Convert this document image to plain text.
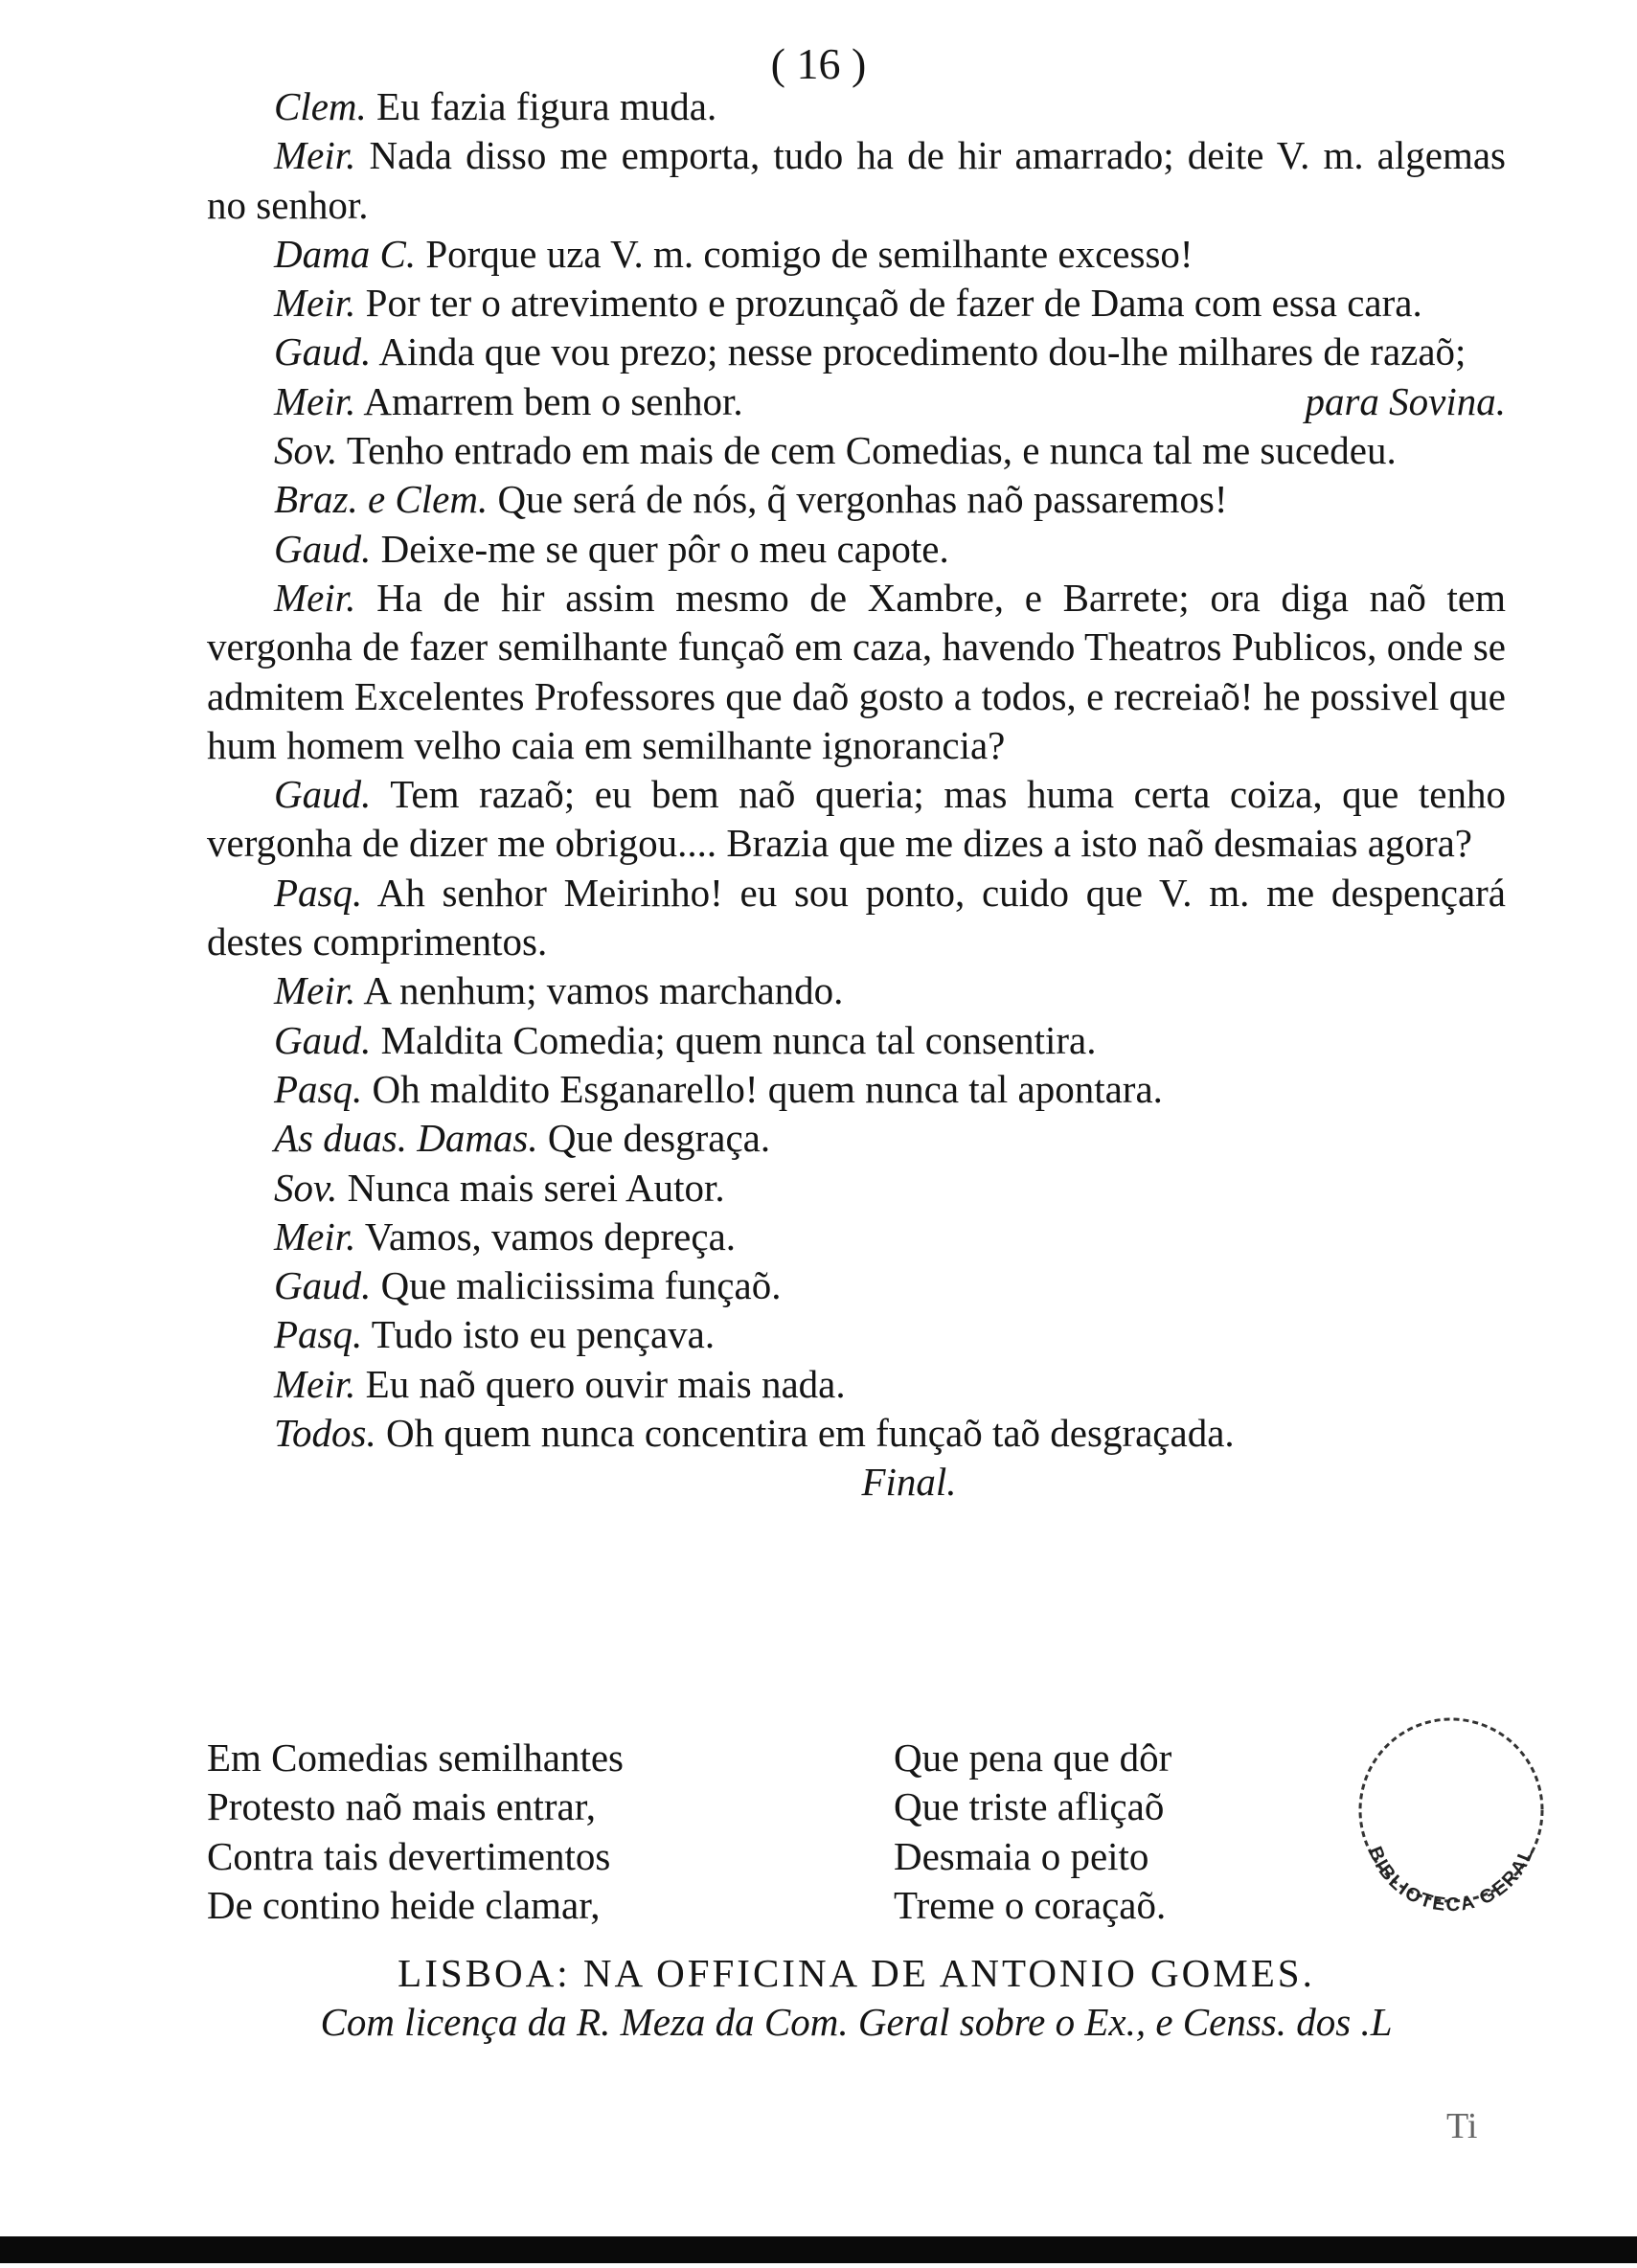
( 16 )
Clem. Eu fazia figura muda.
Meir. Nada disso me emporta, tudo ha de hir amarrado; deite V. m. algemas no senhor.
Dama C. Porque uza V. m. comigo de semilhante excesso!
Meir. Por ter o atrevimento e prozunçaõ de fazer de Dama com essa cara.
Gaud. Ainda que vou prezo; nesse procedimento dou-lhe milhares de razaõ;
para Sovina.
Meir. Amarrem bem o senhor.
Sov. Tenho entrado em mais de cem Comedias, e nunca tal me sucedeu.
Braz. e Clem. Que será de nós, q̃ vergonhas naõ passaremos!
Gaud. Deixe-me se quer pôr o meu capote.
Meir. Ha de hir assim mesmo de Xambre, e Barrete; ora diga naõ tem vergonha de fazer semilhante funçaõ em caza, havendo Theatros Publicos, onde se admitem Excelentes Professores que daõ gosto a todos, e recreiaõ! he possivel que hum homem velho caia em semilhante ignorancia?
Gaud. Tem razaõ; eu bem naõ queria; mas huma certa coiza, que tenho vergonha de dizer me obrigou.... Brazia que me dizes a isto naõ desmaias agora?
Pasq. Ah senhor Meirinho! eu sou ponto, cuido que V. m. me despençará destes comprimentos.
Meir. A nenhum; vamos marchando.
Gaud. Maldita Comedia; quem nunca tal consentira.
Pasq. Oh maldito Esganarello! quem nunca tal apontara.
As duas. Damas. Que desgraça.
Sov. Nunca mais serei Autor.
Meir. Vamos, vamos depreça.
Gaud. Que maliciissima funçaõ.
Pasq. Tudo isto eu pençava.
Meir. Eu naõ quero ouvir mais nada.
Todos. Oh quem nunca concentira em funçaõ taõ desgraçada.
Final.
Em Comedias semilhantes	Que pena que dôr
Protesto naõ mais entrar,	Que triste afliçaõ
Contra tais devertimentos	Desmaia o peito
De contino heide clamar,	Treme o coraçaõ.
LISBOA: NA OFFICINA DE ANTONIO GOMES.
Com licença da R. Meza da Com. Geral sobre o Ex., e Censs. dos .L
BIBLIOTECA GERAL
Ti
